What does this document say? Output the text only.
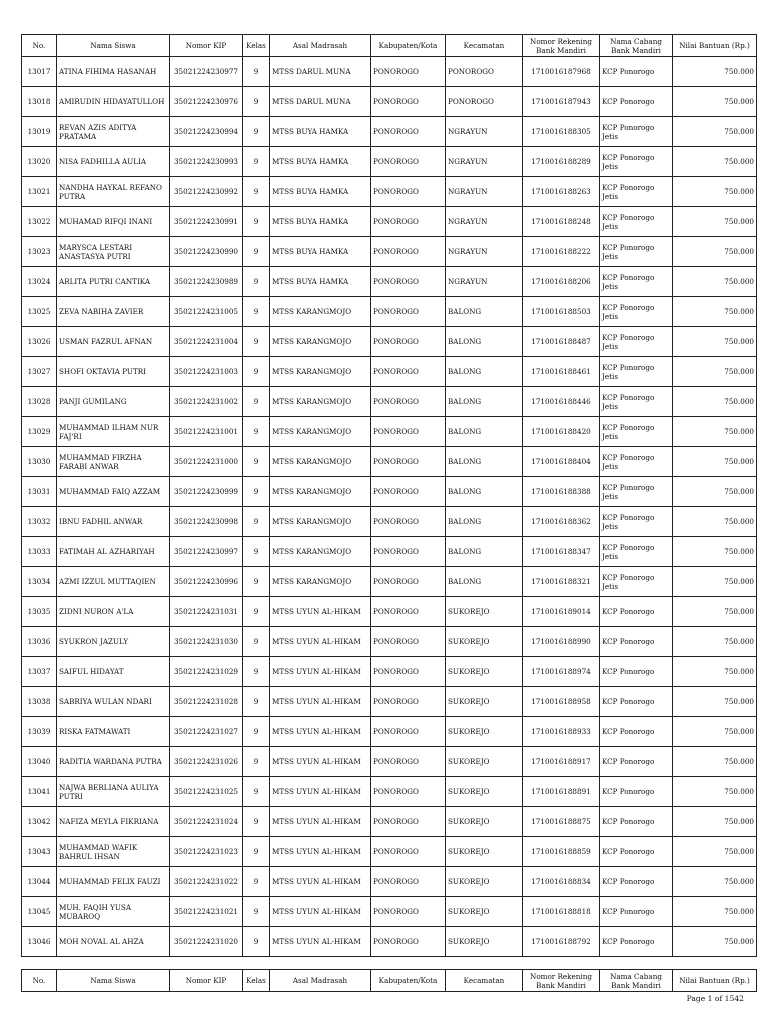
No.	Nama Siswa	Nomor KIP	Kelas	Asal Madrasah	Kabupaten/Kota	Kecamatan	Nomor Rekening Bank Mandiri	Nama Cabang Bank Mandiri	Nilai Bantuan (Rp.)
13017	ATINA FIHIMA HASANAH	35021224230977	9	MTSS DARUL MUNA	PONOROGO	PONOROGO	1710016187968	KCP Ponorogo	750.000
13018	AMIRUDIN HIDAYATULLOH	35021224230976	9	MTSS DARUL MUNA	PONOROGO	PONOROGO	1710016187943	KCP Ponorogo	750.000
13019	REVAN AZIS ADITYA PRATAMA	35021224230994	9	MTSS BUYA HAMKA	PONOROGO	NGRAYUN	1710016188305	KCP Ponorogo Jetis	750.000
13020	NISA FADHILLA AULIA	35021224230993	9	MTSS BUYA HAMKA	PONOROGO	NGRAYUN	1710016188289	KCP Ponorogo Jetis	750.000
13021	NANDHA HAYKAL REFANO PUTRA	35021224230992	9	MTSS BUYA HAMKA	PONOROGO	NGRAYUN	1710016188263	KCP Ponorogo Jetis	750.000
13022	MUHAMAD RIFQI INANI	35021224230991	9	MTSS BUYA HAMKA	PONOROGO	NGRAYUN	1710016188248	KCP Ponorogo Jetis	750.000
13023	MARYSCA LESTARI ANASTASYA PUTRI	35021224230990	9	MTSS BUYA HAMKA	PONOROGO	NGRAYUN	1710016188222	KCP Ponorogo Jetis	750.000
13024	ARLITA PUTRI CANTIKA	35021224230989	9	MTSS BUYA HAMKA	PONOROGO	NGRAYUN	1710016188206	KCP Ponorogo Jetis	750.000
13025	ZEVA NABIHA ZAVIER	35021224231005	9	MTSS KARANGMOJO	PONOROGO	BALONG	1710016188503	KCP Ponorogo Jetis	750.000
13026	USMAN FAZRUL AFNAN	35021224231004	9	MTSS KARANGMOJO	PONOROGO	BALONG	1710016188487	KCP Ponorogo Jetis	750.000
13027	SHOFI OKTAVIA PUTRI	35021224231003	9	MTSS KARANGMOJO	PONOROGO	BALONG	1710016188461	KCP Ponorogo Jetis	750.000
13028	PANJI GUMILANG	35021224231002	9	MTSS KARANGMOJO	PONOROGO	BALONG	1710016188446	KCP Ponorogo Jetis	750.000
13029	MUHAMMAD ILHAM NUR FAJ'RI	35021224231001	9	MTSS KARANGMOJO	PONOROGO	BALONG	1710016188420	KCP Ponorogo Jetis	750.000
13030	MUHAMMAD FIRZHA FARABI ANWAR	35021224231000	9	MTSS KARANGMOJO	PONOROGO	BALONG	1710016188404	KCP Ponorogo Jetis	750.000
13031	MUHAMMAD FAIQ AZZAM	35021224230999	9	MTSS KARANGMOJO	PONOROGO	BALONG	1710016188388	KCP Ponorogo Jetis	750.000
13032	IBNU FADHIL ANWAR	35021224230998	9	MTSS KARANGMOJO	PONOROGO	BALONG	1710016188362	KCP Ponorogo Jetis	750.000
13033	FATIMAH AL AZHARIYAH	35021224230997	9	MTSS KARANGMOJO	PONOROGO	BALONG	1710016188347	KCP Ponorogo Jetis	750.000
13034	AZMI IZZUL MUTTAQIEN	35021224230996	9	MTSS KARANGMOJO	PONOROGO	BALONG	1710016188321	KCP Ponorogo Jetis	750.000
13035	ZIDNI NURON A'LA	35021224231031	9	MTSS UYUN AL-HIKAM	PONOROGO	SUKOREJO	1710016189014	KCP Ponorogo	750.000
13036	SYUKRON JAZULY	35021224231030	9	MTSS UYUN AL-HIKAM	PONOROGO	SUKOREJO	1710016188990	KCP Ponorogo	750.000
13037	SAIFUL HIDAYAT	35021224231029	9	MTSS UYUN AL-HIKAM	PONOROGO	SUKOREJO	1710016188974	KCP Ponorogo	750.000
13038	SABRIYA WULAN NDARI	35021224231028	9	MTSS UYUN AL-HIKAM	PONOROGO	SUKOREJO	1710016188958	KCP Ponorogo	750.000
13039	RISKA FATMAWATI	35021224231027	9	MTSS UYUN AL-HIKAM	PONOROGO	SUKOREJO	1710016188933	KCP Ponorogo	750.000
13040	RADITIA WARDANA PUTRA	35021224231026	9	MTSS UYUN AL-HIKAM	PONOROGO	SUKOREJO	1710016188917	KCP Ponorogo	750.000
13041	NAJWA BERLIANA AULIYA PUTRI	35021224231025	9	MTSS UYUN AL-HIKAM	PONOROGO	SUKOREJO	1710016188891	KCP Ponorogo	750.000
13042	NAFIZA MEYLA FIKRIANA	35021224231024	9	MTSS UYUN AL-HIKAM	PONOROGO	SUKOREJO	1710016188875	KCP Ponorogo	750.000
13043	MUHAMMAD WAFIK BAHRUL IHSAN	35021224231023	9	MTSS UYUN AL-HIKAM	PONOROGO	SUKOREJO	1710016188859	KCP Ponorogo	750.000
13044	MUHAMMAD FELIX FAUZI	35021224231022	9	MTSS UYUN AL-HIKAM	PONOROGO	SUKOREJO	1710016188834	KCP Ponorogo	750.000
13045	MUH. FAQIH YUSA MUBAROQ	35021224231021	9	MTSS UYUN AL-HIKAM	PONOROGO	SUKOREJO	1710016188818	KCP Ponorogo	750.000
13046	MOH NOVAL AL AHZA	35021224231020	9	MTSS UYUN AL-HIKAM	PONOROGO	SUKOREJO	1710016188792	KCP Ponorogo	750.000
No.	Nama Siswa	Nomor KIP	Kelas	Asal Madrasah	Kabupaten/Kota	Kecamatan	Nomor Rekening Bank Mandiri	Nama Cabang Bank Mandiri	Nilai Bantuan (Rp.)
Page 1 of 1542
